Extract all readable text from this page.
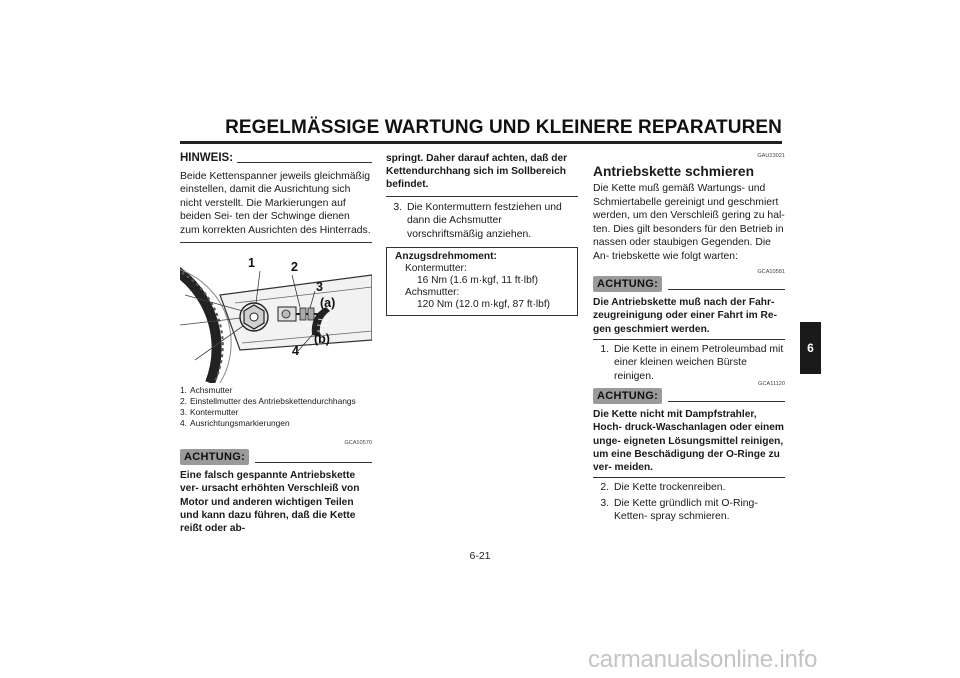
REGELMÄSSIGE WARTUNG UND KLEINERE REPARATUREN
HINWEIS:

Beide Kettenspanner jeweils gleichmäßig einstellen, damit die Ausrichtung sich nicht verstellt. Die Markierungen auf beiden Sei- ten der Schwinge dienen zum korrekten Ausrichten des Hinterrads.

1	2
3
(a)
(b)
4
1. Achsmutter
2. Einstellmutter des Antriebskettendurchhangs
3. Kontermutter
4. Ausrichtungsmarkierungen
GCA10570
ACHTUNG:
Eine falsch gespannte Antriebskette ver- ursacht erhöhten Verschleiß von Motor und anderen wichtigen Teilen und kann dazu führen, daß die Kette reißt oder ab-
springt. Daher darauf achten, daß der Kettendurchhang sich im Sollbereich befindet.
3. Die Kontermuttern festziehen und dann die Achsmutter vorschriftsmäßig anziehen.
Anzugsdrehmoment:
Kontermutter:
16 Nm (1.6 m·kgf, 11 ft·lbf)
Achsmutter:
120 Nm (12.0 m·kgf, 87 ft·lbf)
GAU23021
Antriebskette schmieren

Die Kette muß gemäß Wartungs- und Schmiertabelle gereinigt und geschmiert werden, um den Verschleiß gering zu hal- ten. Dies gilt besonders für den Betrieb in nassen oder staubigen Gegenden. Die An- triebskette wie folgt warten:

GCA10581
ACHTUNG:
Die Antriebskette muß nach der Fahr- zeugreinigung oder einer Fahrt im Re- gen geschmiert werden.
1. Die Kette in einem Petroleumbad mit einer kleinen weichen Bürste reinigen.
GCA11120
ACHTUNG:
Die Kette nicht mit Dampfstrahler, Hoch- druck-Waschanlagen oder einem unge- eigneten Lösungsmittel reinigen, um eine Beschädigung der O-Ringe zu ver- meiden.
2. Die Kette trockenreiben.
3. Die Kette gründlich mit O-Ring-Ketten- spray schmieren.
6
6-21
carmanualsonline.info
